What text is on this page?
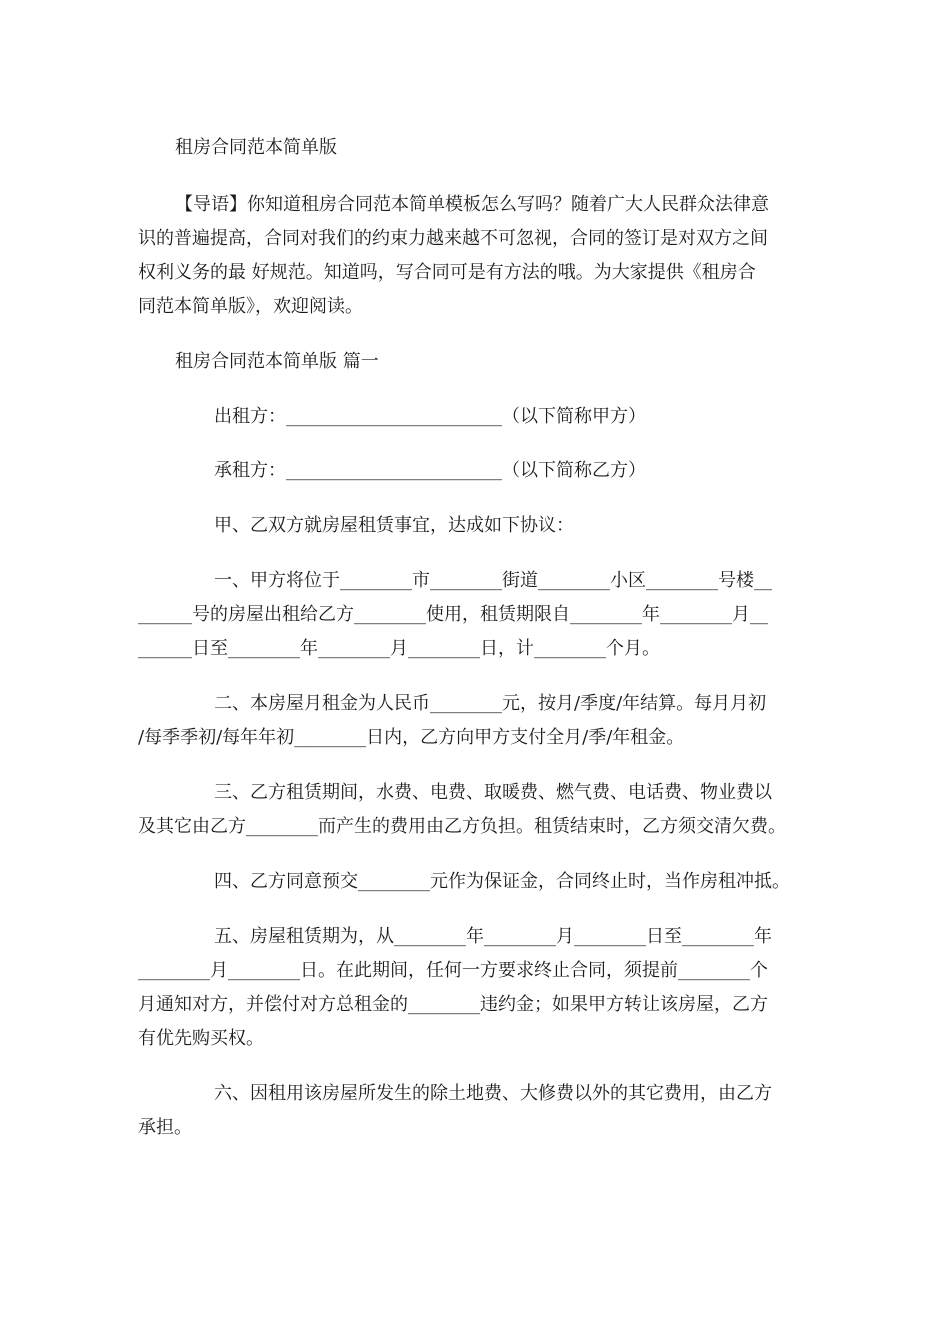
租房合同范本简单版
【导语】你知道租房合同范本简单模板怎么写吗？随着广大人民群众法律意
识的普遍提高，合同对我们的约束力越来越不可忽视，合同的签订是对双方之间
权利义务的最 好规范。知道吗，写合同可是有方法的哦。为大家提供《租房合
同范本简单版》，欢迎阅读。
租房合同范本简单版 篇一
出租方：________________________（以下简称甲方）
承租方：________________________（以下简称乙方）
甲、乙双方就房屋租赁事宜，达成如下协议：
一、甲方将位于________市________街道________小区________号楼__
______号的房屋出租给乙方________使用，租赁期限自________年________月__
______日至________年________月________日，计________个月。
二、本房屋月租金为人民币________元，按月/季度/年结算。每月月初
/每季季初/每年年初________日内，乙方向甲方支付全月/季/年租金。
三、乙方租赁期间，水费、电费、取暖费、燃气费、电话费、物业费以
及其它由乙方________而产生的费用由乙方负担。租赁结束时，乙方须交清欠费。
四、乙方同意预交________元作为保证金，合同终止时，当作房租冲抵。
五、房屋租赁期为，从________年________月________日至________年
________月________日。在此期间，任何一方要求终止合同，须提前________个
月通知对方，并偿付对方总租金的________违约金；如果甲方转让该房屋，乙方
有优先购买权。
六、因租用该房屋所发生的除土地费、大修费以外的其它费用，由乙方
承担。
